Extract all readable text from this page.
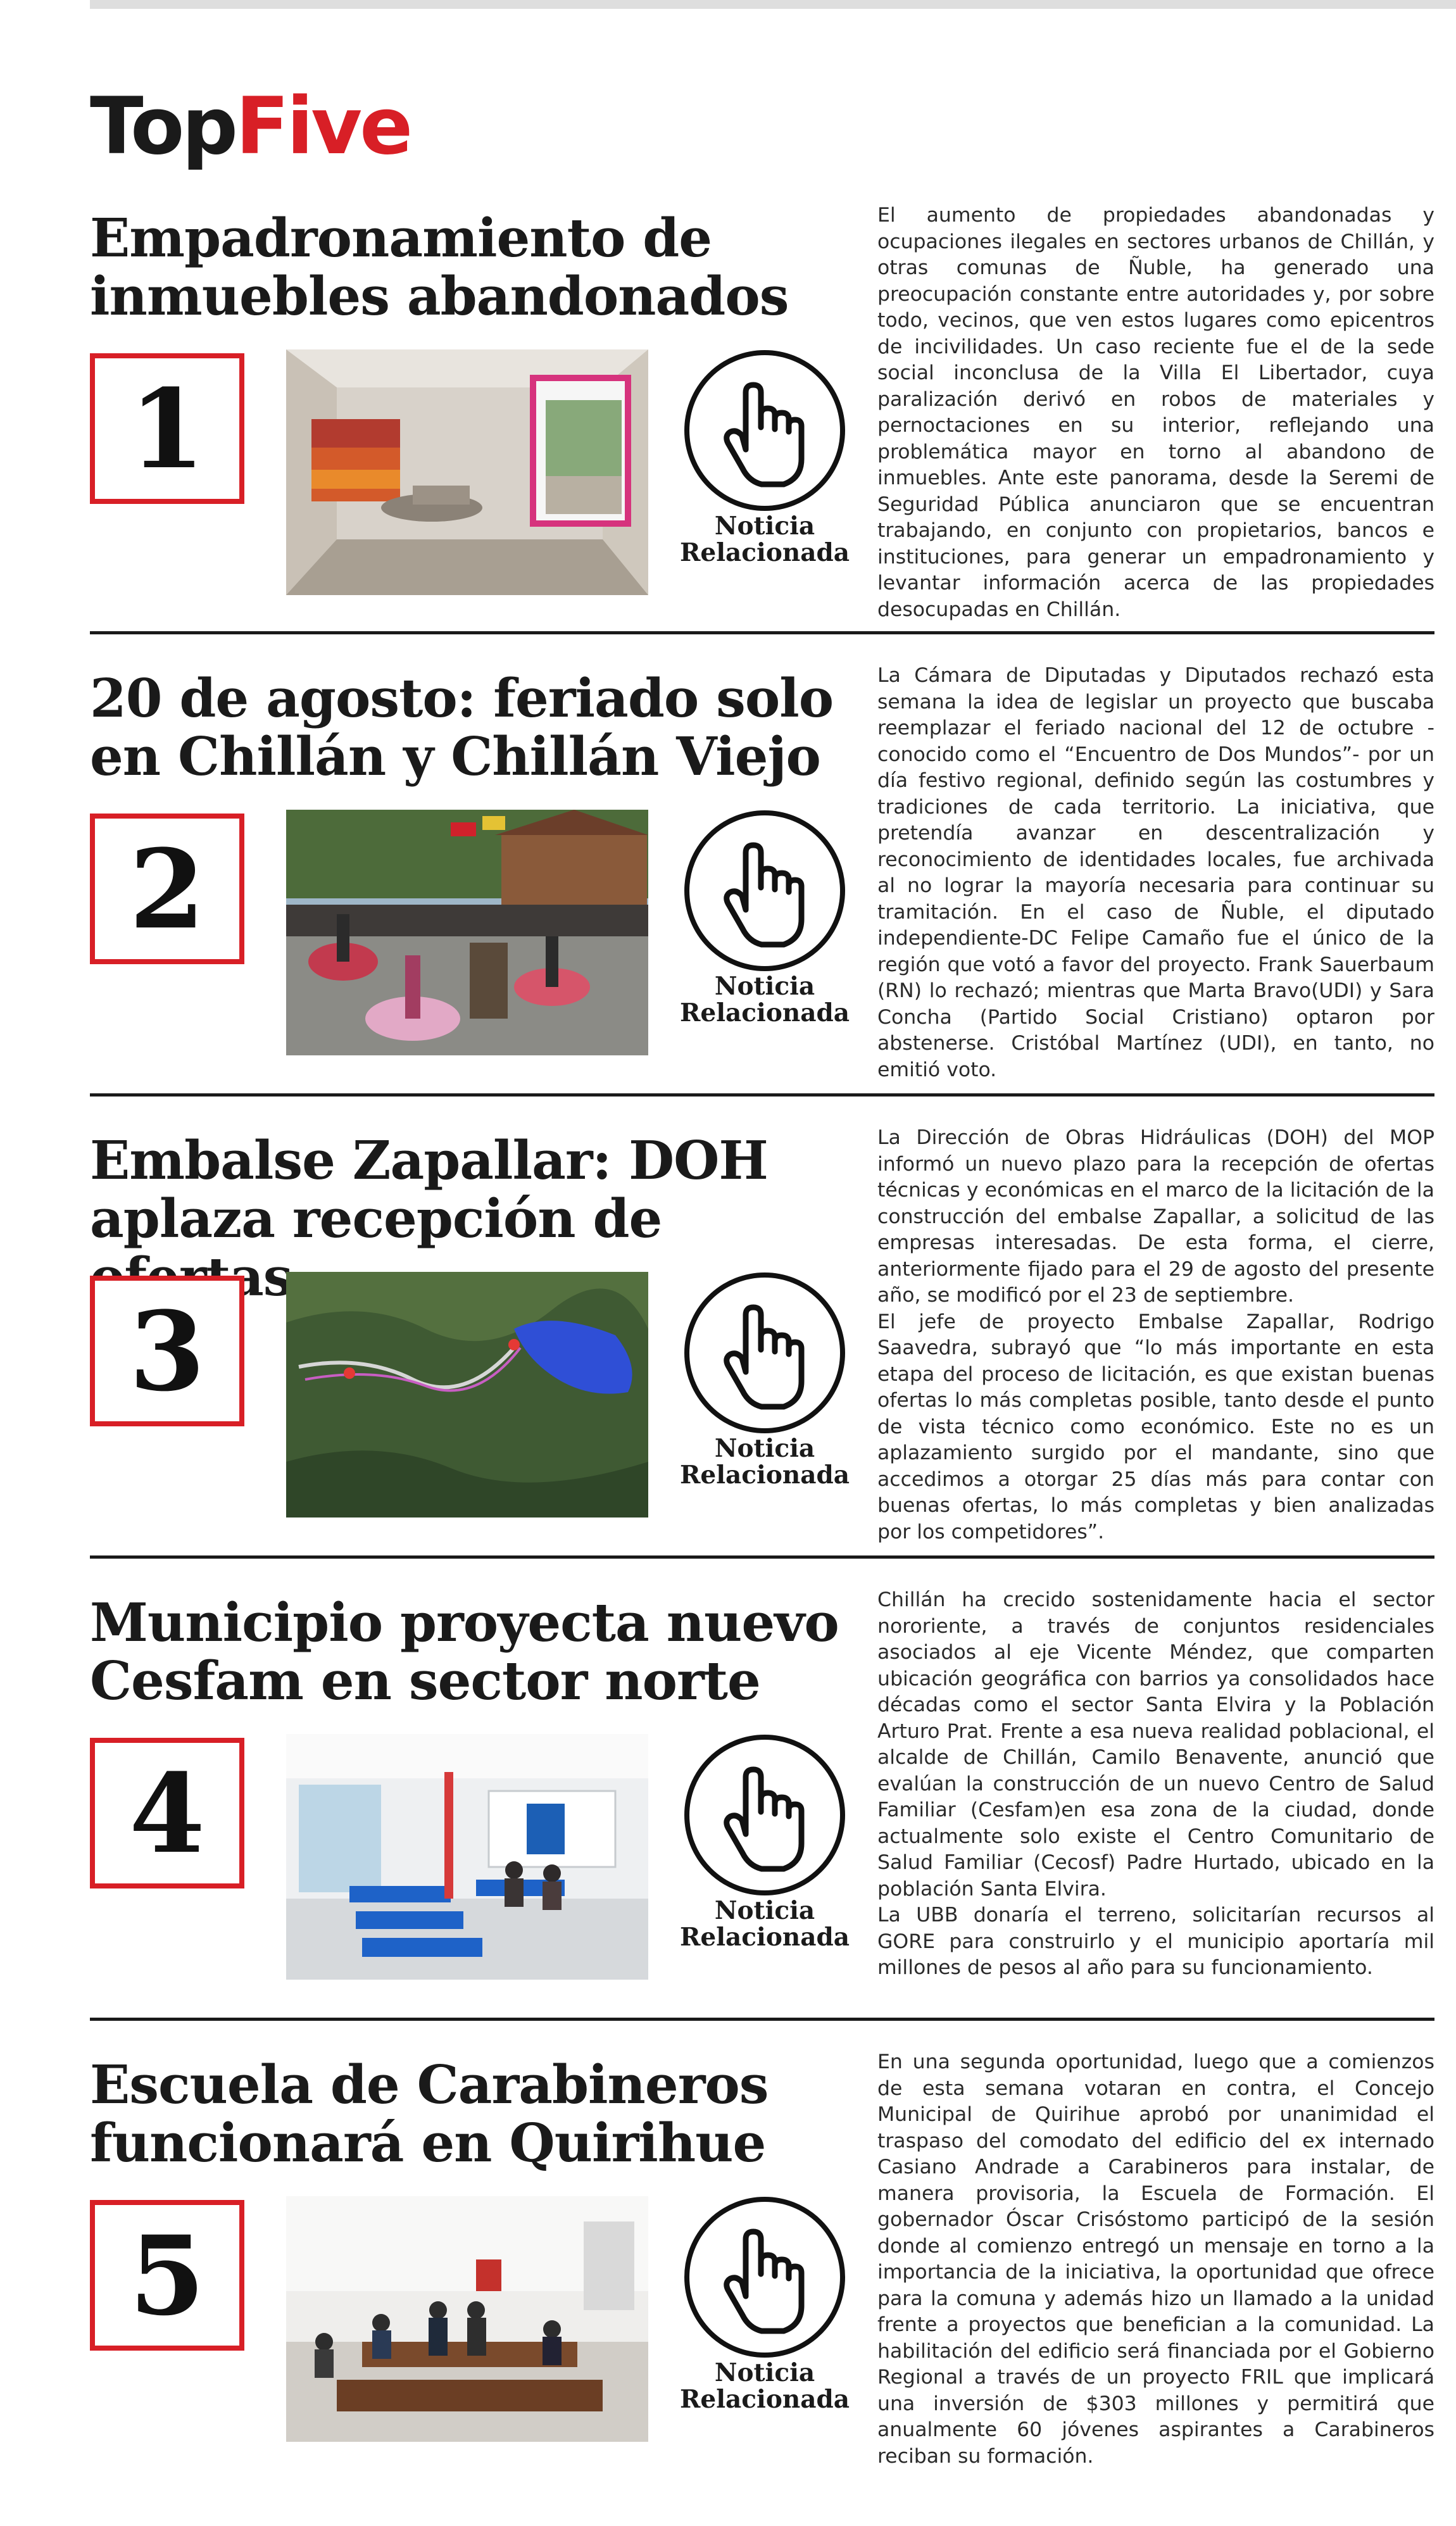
TopFive
Empadronamiento de inmuebles abandonados
1
Noticia
Relacionada

El aumento de propiedades abandonadas y ocupaciones ilegales en sectores urbanos de Chillán, y otras comunas de Ñuble, ha generado una preocupación constante entre autoridades y, por sobre todo, vecinos, que ven estos lugares como epicentros de incivilidades. Un caso reciente fue el de la sede social inconclusa de la Villa El Libertador, cuya paralización derivó en robos de materiales y pernoctaciones en su interior, reflejando una problemática mayor en torno al abandono de inmuebles. Ante este panorama, desde la Seremi de Seguridad Pública anunciaron que se encuentran trabajando, en conjunto con propietarios, bancos e instituciones, para generar un empadronamiento y levantar información acerca de las propiedades desocupadas en Chillán.

20 de agosto: feriado solo en Chillán y Chillán Viejo
2
Noticia
Relacionada

La Cámara de Diputadas y Diputados rechazó esta semana la idea de legislar un proyecto que buscaba reemplazar el feriado nacional del 12 de octubre -conocido como el “Encuentro de Dos Mundos”- por un día festivo regional, definido según las costumbres y tradiciones de cada territorio. La iniciativa, que pretendía avanzar en descentralización y reconocimiento de identidades locales, fue archivada al no lograr la mayoría necesaria para continuar su tramitación. En el caso de Ñuble, el diputado independiente-DC Felipe Camaño fue el único de la región que votó a favor del proyecto. Frank Sauerbaum (RN) lo rechazó; mientras que Marta Bravo(UDI) y Sara Concha (Partido Social Cristiano) optaron por abstenerse. Cristóbal Martínez (UDI), en tanto, no emitió voto.

Embalse Zapallar: DOH aplaza recepción de
3
Noticia
Relacionada

La Dirección de Obras Hidráulicas (DOH) del MOP informó un nuevo plazo para la recepción de ofertas técnicas y económicas en el marco de la licitación de la construcción del embalse Zapallar, a solicitud de las empresas interesadas. De esta forma, el cierre, anteriormente fijado para el 29 de agosto del presente año, se modificó por el 23 de septiembre.
El jefe de proyecto Embalse Zapallar, Rodrigo Saavedra, subrayó que “lo más importante en esta etapa del proceso de licitación, es que existan buenas ofertas lo más completas posible, tanto desde el punto de vista técnico como económico. Este no es un aplazamiento surgido por el mandante, sino que accedimos a otorgar 25 días más para contar con buenas ofertas, lo más completas y bien analizadas por los competidores”.

Municipio proyecta nuevo Cesfam en sector norte
4
Noticia
Relacionada

Chillán ha crecido sostenidamente hacia el sector nororiente, a través de conjuntos residenciales asociados al eje Vicente Méndez, que comparten ubicación geográfica con barrios ya consolidados hace décadas como el sector Santa Elvira y la Población Arturo Prat. Frente a esa nueva realidad poblacional, el alcalde de Chillán, Camilo Benavente, anunció que evalúan la construcción de un nuevo Centro de Salud Familiar (Cesfam)en esa zona de la ciudad, donde actualmente solo existe el Centro Comunitario de Salud Familiar (Cecosf) Padre Hurtado, ubicado en la población Santa Elvira.
La UBB donaría el terreno, solicitarían recursos al GORE para construirlo y el municipio aportaría mil millones de pesos al año para su funcionamiento.

Escuela de Carabineros funcionará en Quirihue
5
Noticia
Relacionada

En una segunda oportunidad, luego que a comienzos de esta semana votaran en contra, el Concejo Municipal de Quirihue aprobó por unanimidad el traspaso del comodato del edificio del ex internado Casiano Andrade a Carabineros para instalar, de manera provisoria, la Escuela de Formación. El gobernador Óscar Crisóstomo participó de la sesión donde al comienzo entregó un mensaje en torno a la importancia de la iniciativa, la oportunidad que ofrece para la comuna y además hizo un llamado a la unidad frente a proyectos que benefician a la comunidad. La habilitación del edificio será financiada por el Gobierno Regional a través de un proyecto FRIL que implicará una inversión de $303 millones y permitirá que anualmente 60 jóvenes aspirantes a Carabineros reciban su formación.
